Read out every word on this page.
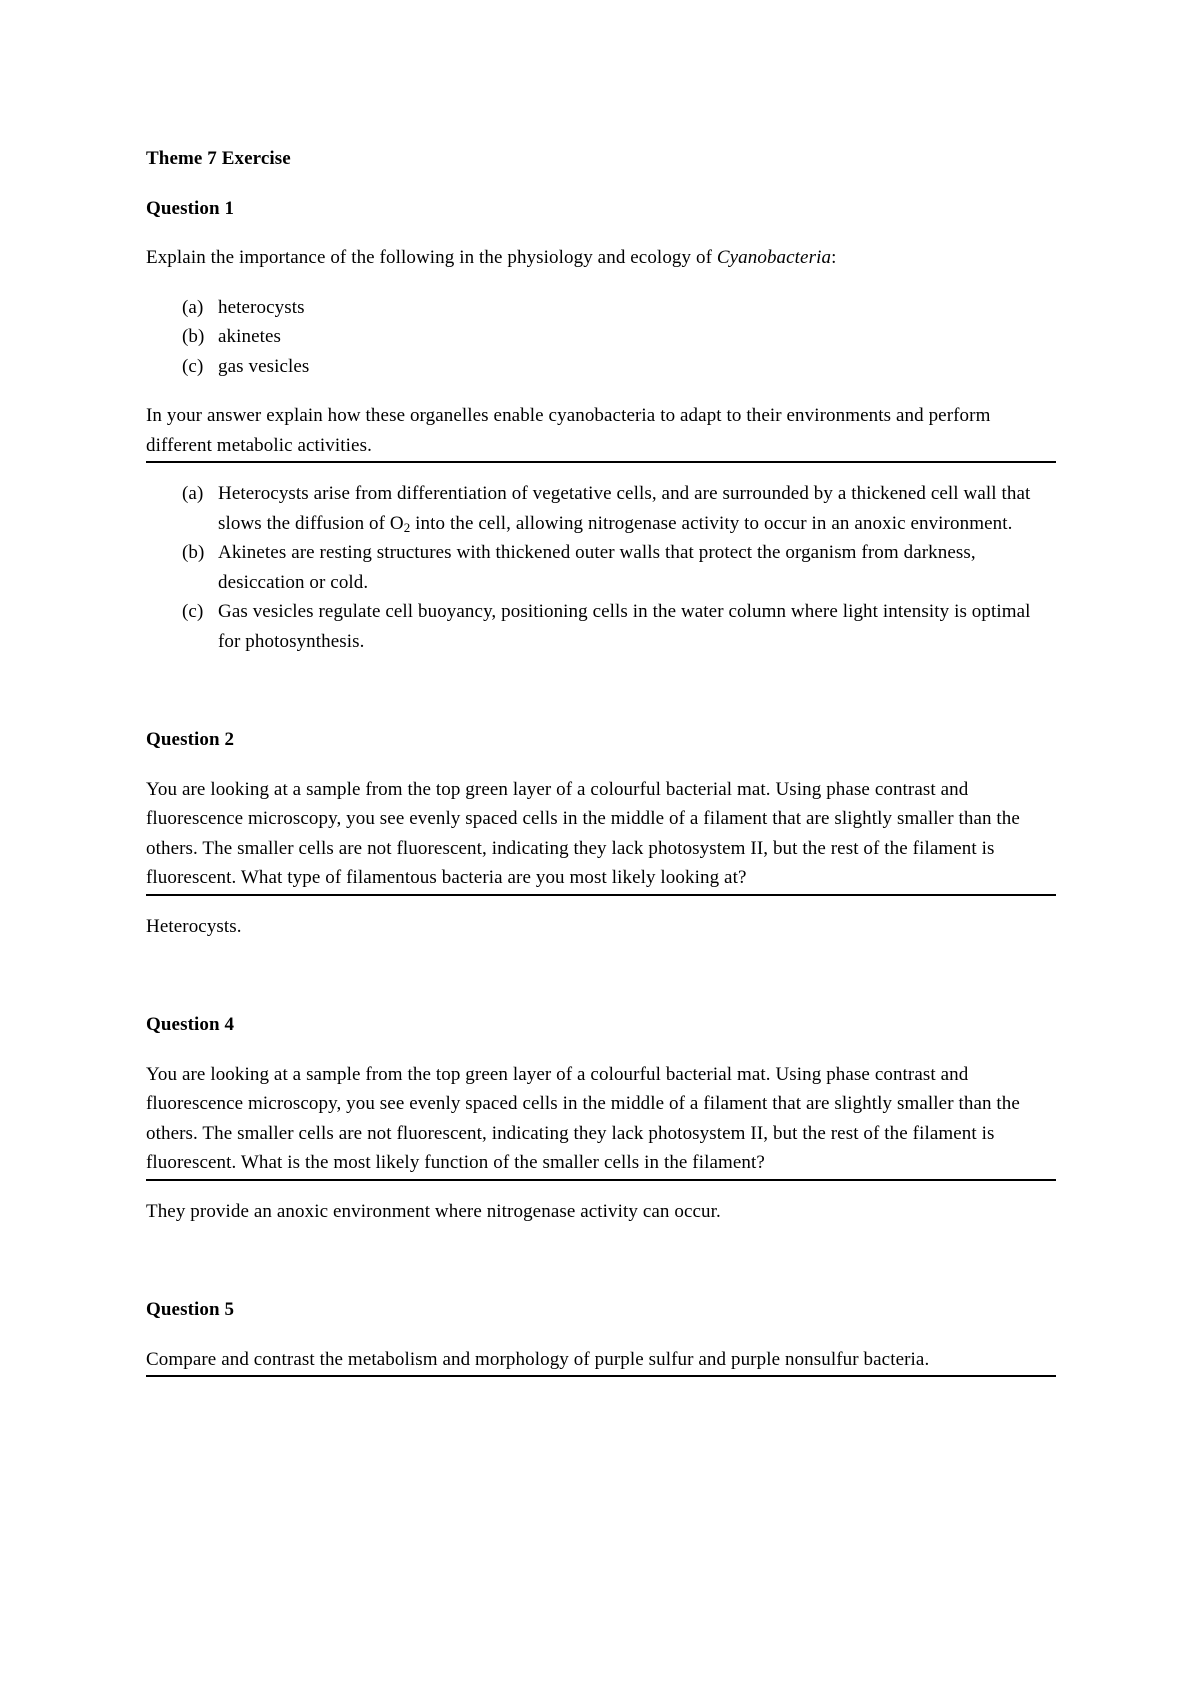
Theme 7 Exercise

Question 1

Explain the importance of the following in the physiology and ecology of Cyanobacteria:

(a) heterocysts
(b) akinetes
(c) gas vesicles

In your answer explain how these organelles enable cyanobacteria to adapt to their environments and perform different metabolic activities.

(a) Heterocysts arise from differentiation of vegetative cells, and are surrounded by a thickened cell wall that slows the diffusion of $O_2$ into the cell, allowing nitrogenase activity to occur in an anoxic environment.
(b) Akinetes are resting structures with thickened outer walls that protect the organism from darkness, desiccation or cold.
(c) Gas vesicles regulate cell buoyancy, positioning cells in the water column where light intensity is optimal for photosynthesis.

Question 2

You are looking at a sample from the top green layer of a colourful bacterial mat. Using phase contrast and fluorescence microscopy, you see evenly spaced cells in the middle of a filament that are slightly smaller than the others. The smaller cells are not fluorescent, indicating they lack photosystem II, but the rest of the filament is fluorescent. What type of filamentous bacteria are you most likely looking at?

Heterocysts.

Question 4

You are looking at a sample from the top green layer of a colourful bacterial mat. Using phase contrast and fluorescence microscopy, you see evenly spaced cells in the middle of a filament that are slightly smaller than the others. The smaller cells are not fluorescent, indicating they lack photosystem II, but the rest of the filament is fluorescent. What is the most likely function of the smaller cells in the filament?

They provide an anoxic environment where nitrogenase activity can occur.

Question 5

Compare and contrast the metabolism and morphology of purple sulfur and purple nonsulfur bacteria.
